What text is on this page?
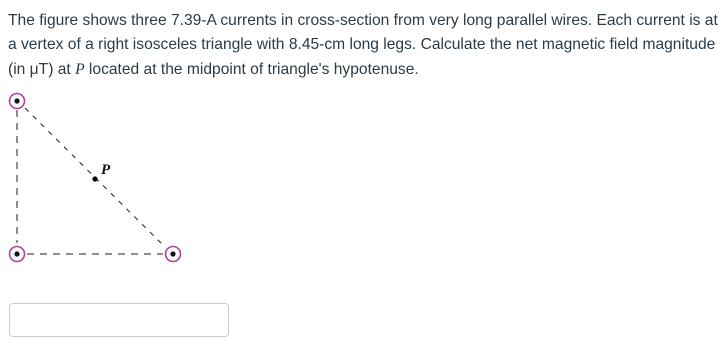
The figure shows three 7.39-A currents in cross-section from very long parallel wires. Each current is at a vertex of a right isosceles triangle with 8.45-cm long legs. Calculate the net magnetic field magnitude (in μT) at P located at the midpoint of triangle's hypotenuse.

P
